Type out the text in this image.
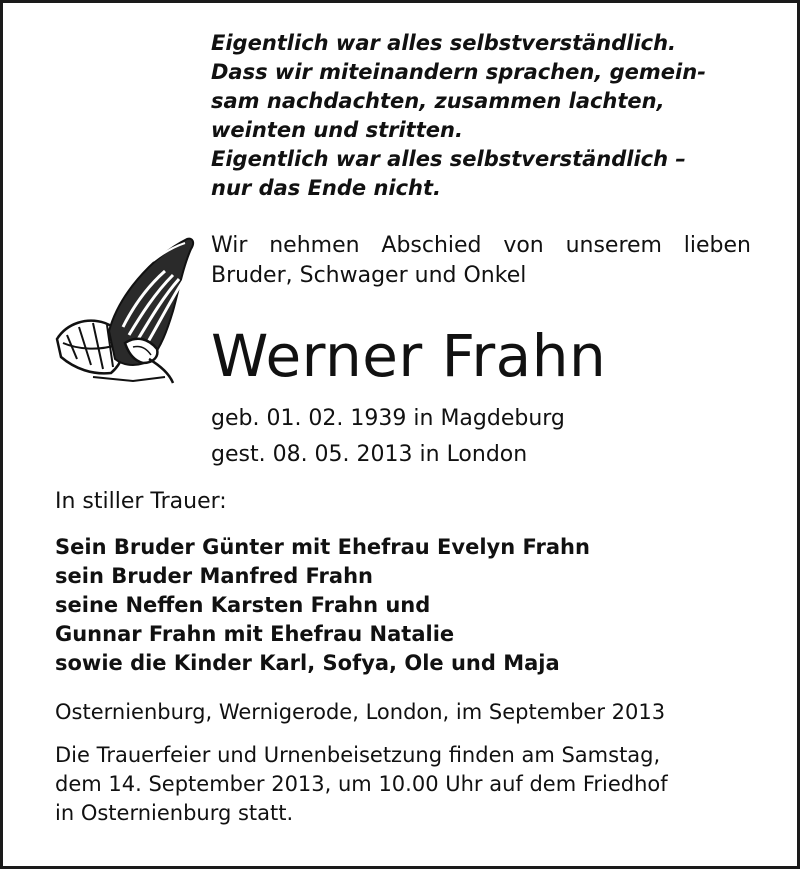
Eigentlich war alles selbstverständlich.
Dass wir miteinandern sprachen, gemein-
sam nachdachten, zusammen lachten,
weinten und stritten.
Eigentlich war alles selbstverständlich –
nur das Ende nicht.
Wir nehmen Abschied von unserem lieben Bruder, Schwager und Onkel
Werner Frahn
geb. 01. 02. 1939 in Magdeburg
gest. 08. 05. 2013 in London
In stiller Trauer:
Sein Bruder Günter mit Ehefrau Evelyn Frahn
sein Bruder Manfred Frahn
seine Neffen Karsten Frahn und
Gunnar Frahn mit Ehefrau Natalie
sowie die Kinder Karl, Sofya, Ole und Maja
Osternienburg, Wernigerode, London, im September 2013
Die Trauerfeier und Urnenbeisetzung finden am Samstag,
dem 14. September 2013, um 10.00 Uhr auf dem Friedhof
in Osternienburg statt.
